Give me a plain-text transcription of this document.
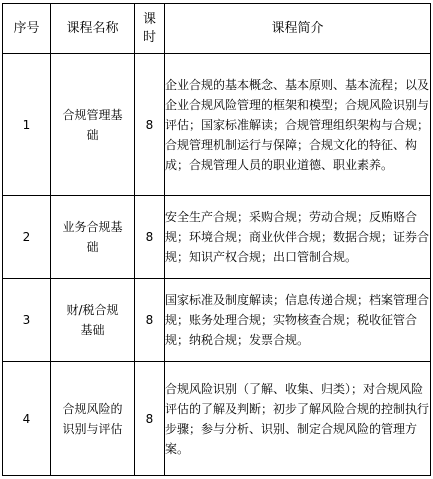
序号	课程名称	课时	课程简介
1	合规管理基础	8	企业合规的基本概念、基本原则、基本流程；以及企业合规风险管理的框架和模型；合规风险识别与评估；国家标准解读；合规管理组织架构与合规；合规管理机制运行与保障；合规文化的特征、构成；合规管理人员的职业道德、职业素养。
2	业务合规基础	8	安全生产合规；采购合规；劳动合规；反贿赂合规；环境合规；商业伙伴合规；数据合规；证券合规；知识产权合规；出口管制合规。
3	财/税合规基础	8	国家标准及制度解读；信息传递合规；档案管理合规；账务处理合规；实物核查合规；税收征管合规；纳税合规；发票合规。
4	合规风险的识别与评估	8	合规风险识别（了解、收集、归类）；对合规风险评估的了解及判断；初步了解风险合规的控制执行步骤；参与分析、识别、制定合规风险的管理方案。
